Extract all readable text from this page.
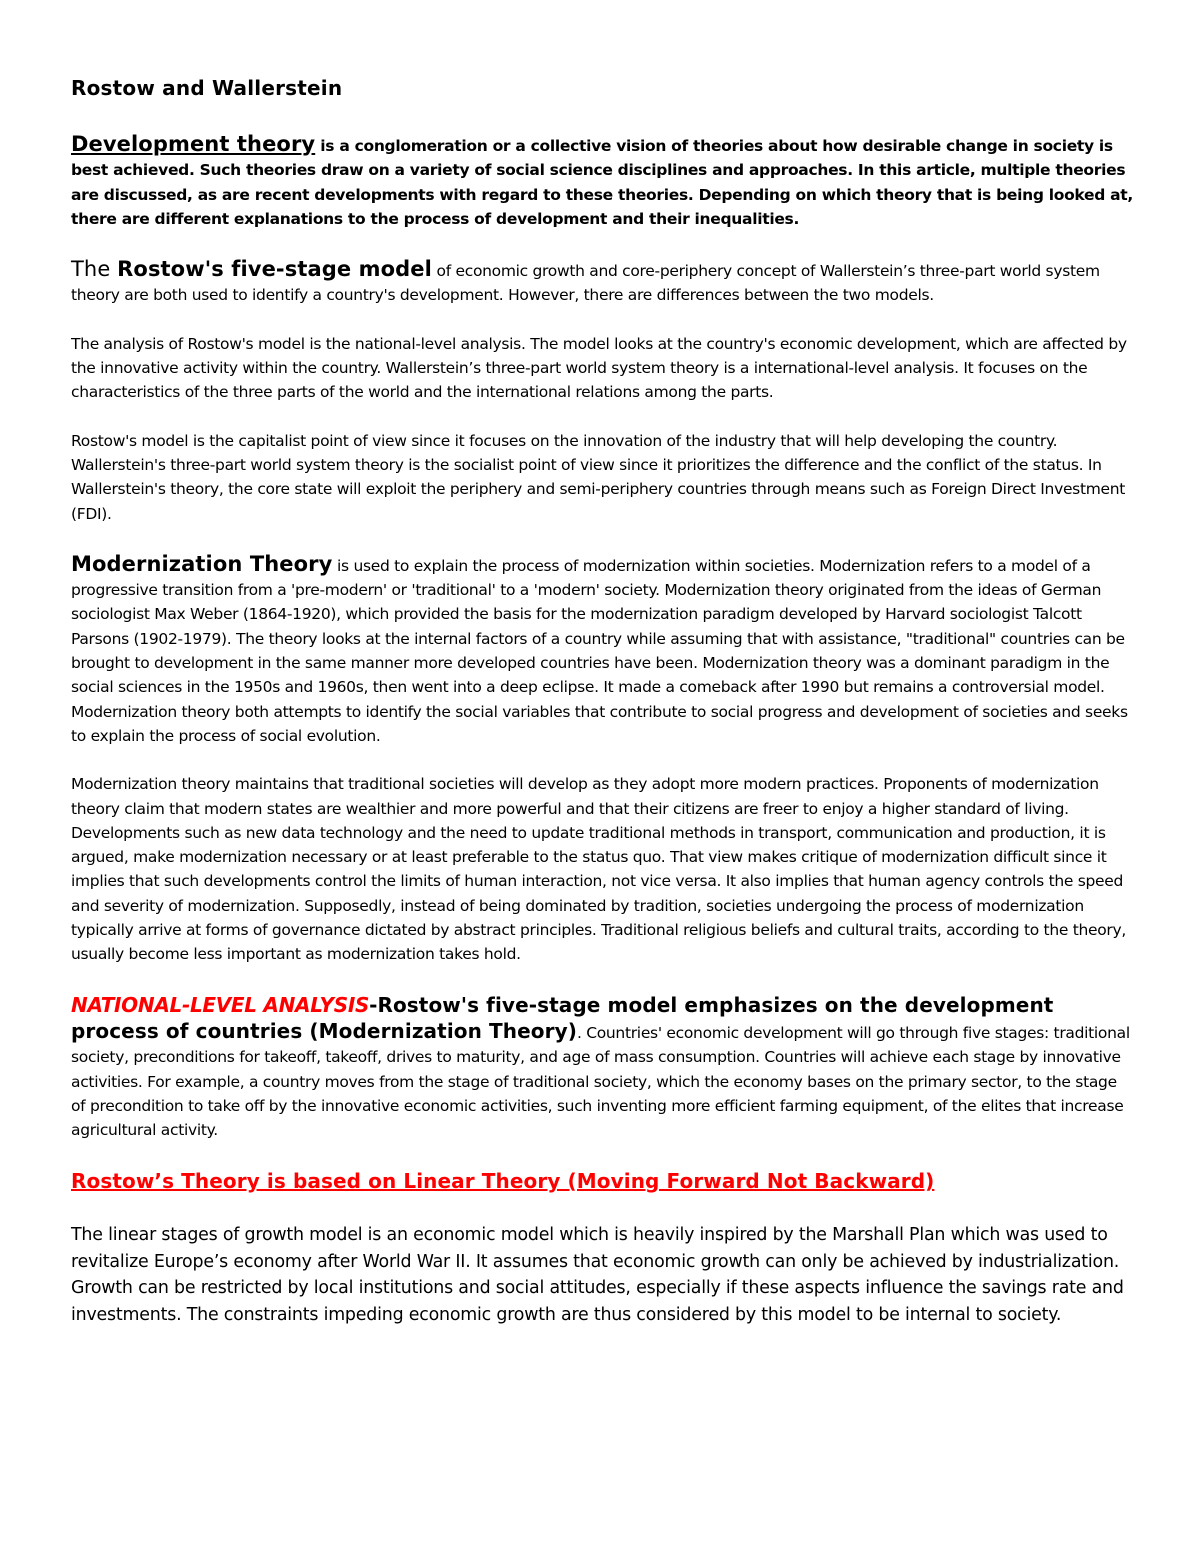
Rostow and Wallerstein

Development theory is a conglomeration or a collective vision of theories about how desirable change in society is best achieved. Such theories draw on a variety of social science disciplines and approaches. In this article, multiple theories are discussed, as are recent developments with regard to these theories. Depending on which theory that is being looked at, there are different explanations to the process of development and their inequalities.

The Rostow's five-stage model of economic growth and core-periphery concept of Wallerstein’s three-part world system theory are both used to identify a country's development. However, there are differences between the two models.

The analysis of Rostow's model is the national-level analysis. The model looks at the country's economic development, which are affected by the innovative activity within the country. Wallerstein’s three-part world system theory is a international-level analysis. It focuses on the characteristics of the three parts of the world and the international relations among the parts.

Rostow's model is the capitalist point of view since it focuses on the innovation of the industry that will help developing the country. Wallerstein's three-part world system theory is the socialist point of view since it prioritizes the difference and the conflict of the status. In Wallerstein's theory, the core state will exploit the periphery and semi-periphery countries through means such as Foreign Direct Investment (FDI).

Modernization Theory is used to explain the process of modernization within societies. Modernization refers to a model of a progressive transition from a 'pre-modern' or 'traditional' to a 'modern' society. Modernization theory originated from the ideas of German sociologist Max Weber (1864-1920), which provided the basis for the modernization paradigm developed by Harvard sociologist Talcott Parsons (1902-1979). The theory looks at the internal factors of a country while assuming that with assistance, "traditional" countries can be brought to development in the same manner more developed countries have been. Modernization theory was a dominant paradigm in the social sciences in the 1950s and 1960s, then went into a deep eclipse. It made a comeback after 1990 but remains a controversial model.

Modernization theory both attempts to identify the social variables that contribute to social progress and development of societies and seeks to explain the process of social evolution.

Modernization theory maintains that traditional societies will develop as they adopt more modern practices. Proponents of modernization theory claim that modern states are wealthier and more powerful and that their citizens are freer to enjoy a higher standard of living. Developments such as new data technology and the need to update traditional methods in transport, communication and production, it is argued, make modernization necessary or at least preferable to the status quo. That view makes critique of modernization difficult since it implies that such developments control the limits of human interaction, not vice versa. It also implies that human agency controls the speed and severity of modernization. Supposedly, instead of being dominated by tradition, societies undergoing the process of modernization typically arrive at forms of governance dictated by abstract principles. Traditional religious beliefs and cultural traits, according to the theory, usually become less important as modernization takes hold.

NATIONAL-LEVEL ANALYSIS-Rostow's five-stage model emphasizes on the development process of countries (Modernization Theory). Countries' economic development will go through five stages: traditional society, preconditions for takeoff, takeoff, drives to maturity, and age of mass consumption. Countries will achieve each stage by innovative activities. For example, a country moves from the stage of traditional society, which the economy bases on the primary sector, to the stage of precondition to take off by the innovative economic activities, such inventing more efficient farming equipment, of the elites that increase agricultural activity.

Rostow’s Theory is based on Linear Theory (Moving Forward Not Backward)

The linear stages of growth model is an economic model which is heavily inspired by the Marshall Plan which was used to revitalize Europe’s economy after World War II. It assumes that economic growth can only be achieved by industrialization. Growth can be restricted by local institutions and social attitudes, especially if these aspects influence the savings rate and investments. The constraints impeding economic growth are thus considered by this model to be internal to society.
